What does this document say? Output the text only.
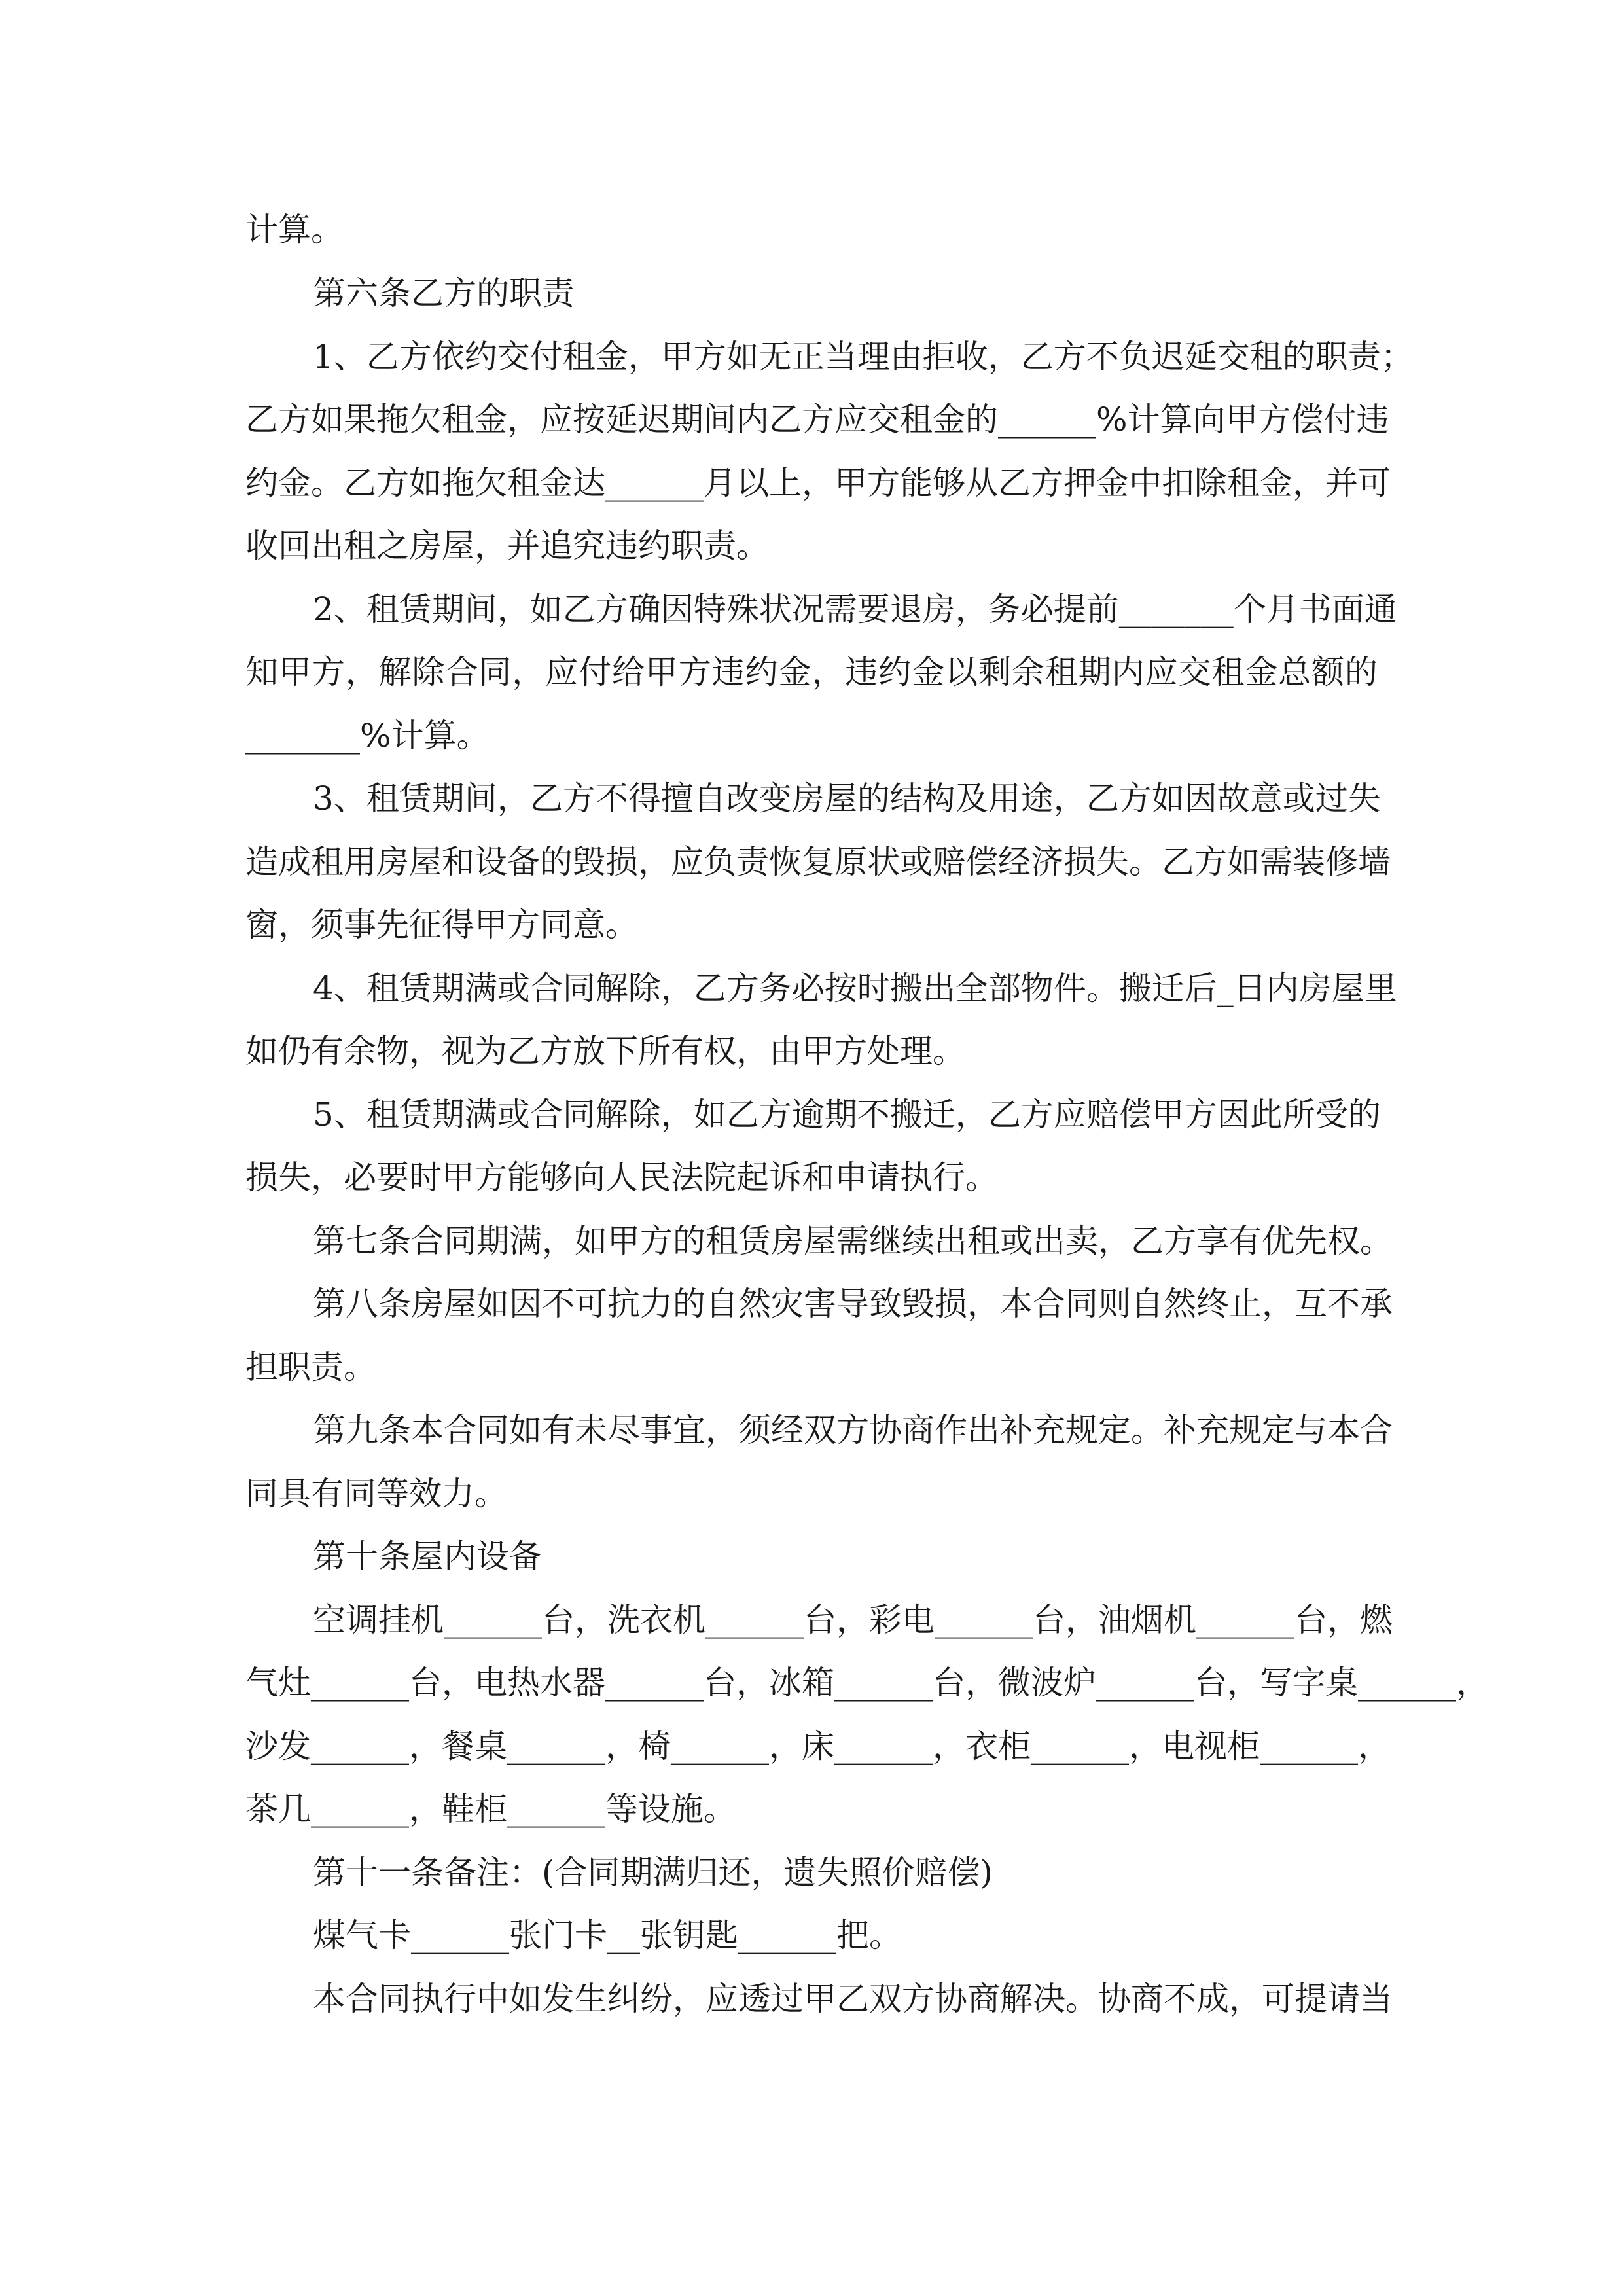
计算。
第六条乙方的职责
1、乙方依约交付租金，甲方如无正当理由拒收，乙方不负迟延交租的职责；
乙方如果拖欠租金，应按延迟期间内乙方应交租金的______%计算向甲方偿付违
约金。乙方如拖欠租金达______月以上，甲方能够从乙方押金中扣除租金，并可
收回出租之房屋，并追究违约职责。
2、租赁期间，如乙方确因特殊状况需要退房，务必提前_______个月书面通
知甲方，解除合同，应付给甲方违约金，违约金以剩余租期内应交租金总额的
_______%计算。
3、租赁期间，乙方不得擅自改变房屋的结构及用途，乙方如因故意或过失
造成租用房屋和设备的毁损，应负责恢复原状或赔偿经济损失。乙方如需装修墙
窗，须事先征得甲方同意。
4、租赁期满或合同解除，乙方务必按时搬出全部物件。搬迁后_日内房屋里
如仍有余物，视为乙方放下所有权，由甲方处理。
5、租赁期满或合同解除，如乙方逾期不搬迁，乙方应赔偿甲方因此所受的
损失，必要时甲方能够向人民法院起诉和申请执行。
第七条合同期满，如甲方的租赁房屋需继续出租或出卖，乙方享有优先权。
第八条房屋如因不可抗力的自然灾害导致毁损，本合同则自然终止，互不承
担职责。
第九条本合同如有未尽事宜，须经双方协商作出补充规定。补充规定与本合
同具有同等效力。
第十条屋内设备
空调挂机______台，洗衣机______台，彩电______台，油烟机______台，燃
气灶______台，电热水器______台，冰箱______台，微波炉______台，写字桌______，
沙发______，餐桌______，椅______，床______，衣柜______，电视柜______，
茶几______，鞋柜______等设施。
第十一条备注：(合同期满归还，遗失照价赔偿)
煤气卡______张门卡__张钥匙______把。
本合同执行中如发生纠纷，应透过甲乙双方协商解决。协商不成，可提请当
